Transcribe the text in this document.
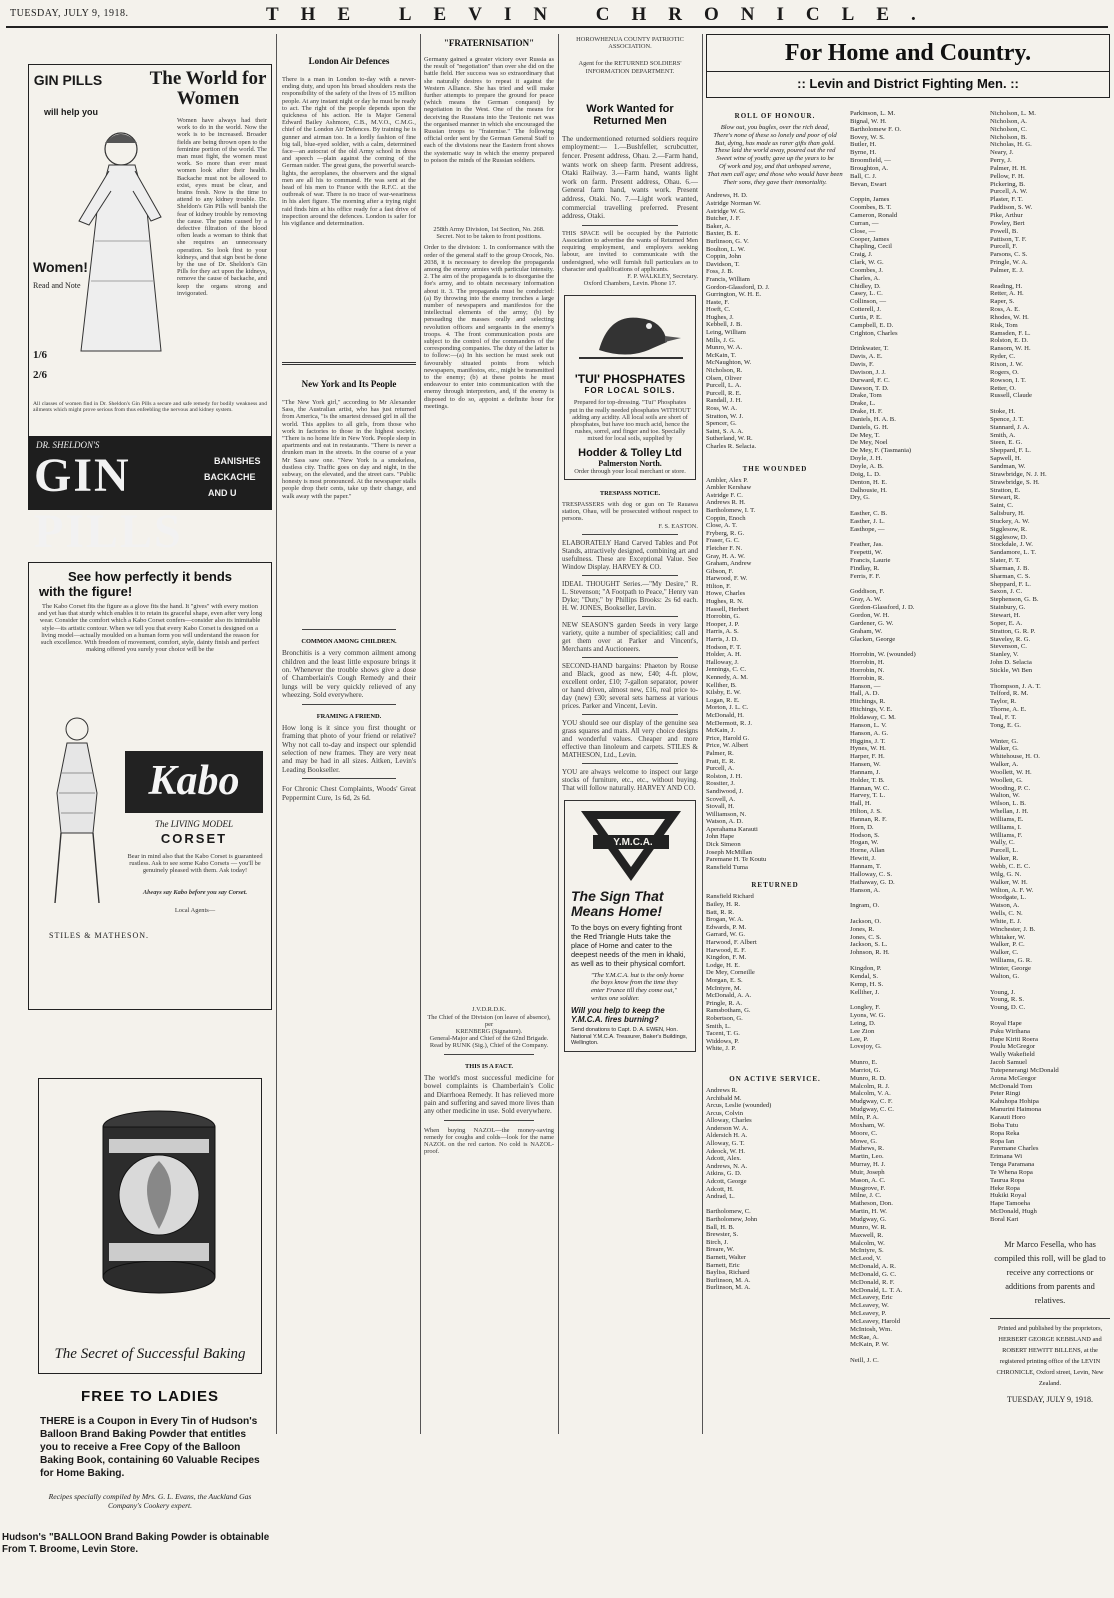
TUESDAY, JULY 9, 1918.	THE LEVIN CHRONICLE.
GIN PILLS
will help you
The World for Women
Women!
Read and Note
1/6
2/6
Women have always had their work to do in the world. Now the work is to be increased. Broader fields are being thrown open to the feminine portion of the world. The man must fight, the women must work. So more than ever must women look after their health. Backache must not be allowed to exist, eyes must be clear, and brains fresh. Now is the time to attend to any kidney trouble. Dr. Sheldon's Gin Pills will banish the fear of kidney trouble by removing the cause. The pains caused by a defective filtration of the blood often leads a woman to think that she requires an unnecessary operation. So look first to your kidneys, and that sign best be done by the use of Dr. Sheldon's Gin Pills for they act upon the kidneys, remove the cause of backache, and keep the organs strong and invigorated.
All classes of women find in Dr. Sheldon's Gin Pills a secure and safe remedy for bodily weakness and ailments which might prove serious from thus enfeebling the nervous and kidney system.
DR. SHELDON'S
GIN PILLS
BANISHES
BACKACHE
AND U
See how perfectly it bends
with the figure!
The Kabo Corset fits the figure as a glove fits the hand. It "gives" with every motion and yet has that sturdy which enables it to retain its graceful shape, even after very long wear. Consider the comfort which a Kabo Corset confers—consider also its inimitable style—its artistic contour. When we tell you that every Kabo Corset is designed on a living model—actually moulded on a human form you will understand the reason for such excellence. With freedom of movement, comfort, style, dainty finish and perfect making offered you surely your choice will be the
Kabo
The LIVING MODEL
CORSET
Bear in mind also that the Kabo Corset is guaranteed rustless. Ask to see some Kabo Corsets — you'll be genuinely pleased with them. Ask today!
Always say Kabo before you say Corset.
Local Agents—
STILES & MATHESON.
The Secret of Successful Baking
FREE TO LADIES
THERE is a Coupon in Every Tin of Hudson's Balloon Brand Baking Powder that entitles you to receive a Free Copy of the Balloon Baking Book, containing 60 Valuable Recipes for Home Baking.
Recipes specially compiled by Mrs. G. L. Evans, the Auckland Gas Company's Cookery expert.
Hudson's "BALLOON Brand Baking Powder is obtainable From T. Broome, Levin Store.
London Air Defences
There is a man in London to-day with a never-ending duty, and upon his broad shoulders rests the responsibility of the safety of the lives of 15 million people. At any instant night or day he must be ready to act. The right of the people depends upon the quickness of his action. He is Major General Edward Bailey Ashmore, C.B., M.V.O., C.M.G., chief of the London Air Defences. By training he is gunner and airman too. In a lordly fashion of fine big tall, blue-eyed soldier, with a calm, determined face—an autocrat of the old Army school in dress and speech —plain against the coming of the German raider. The great guns, the powerful search-lights, the aeroplanes, the observers and the signal men are all his to command. He was sent at the head of his men to France with the R.F.C. at the outbreak of war. There is no trace of war-weariness in his alert figure. The morning after a trying night raid finds him at his office ready for a fast drive of inspection around the defences. London is safer for his vigilance and determination.
New York and Its People
"The New York girl," according to Mr Alexander Sass, the Australian artist, who has just returned from America, "is the smartest dressed girl in all the world. This applies to all girls, from those who work in factories to those in the highest society. "There is no home life in New York. People sleep in apartments and eat in restaurants. "There is never a drunken man in the streets. In the course of a year Mr Sass saw one. "New York is a smokeless, dustless city. Traffic goes on day and night, in the subway, on the elevated, and the street cars. "Public honesty is most pronounced. At the newspaper stalls people drop their cents, take up their change, and walk away with the paper."
COMMON AMONG CHILDREN.
Bronchitis is a very common ailment among children and the least little exposure brings it on. Whenever the trouble shows give a dose of Chamberlain's Cough Remedy and their lungs will be very quickly relieved of any wheezing. Sold everywhere.
FRAMING A FRIEND.
How long is it since you first thought or framing that photo of your friend or relative? Why not call to-day and inspect our splendid selection of new frames. They are very neat and may be had in all sizes. Aitken, Levin's Leading Bookseller.
For Chronic Chest Complaints, Woods' Great Peppermint Cure, 1s 6d, 2s 6d.
"FRATERNISATION"
Germany gained a greater victory over Russia as the result of "negotiation" than over she did on the battle field. Her success was so extraordinary that she naturally desires to repeat it against the Western Alliance. She has tried and will make further attempts to prepare the ground for peace (which means the German conquest) by negotiation in the West. One of the means for deceiving the Russians into the Teutonic net was the organised manner in which she encouraged the Russian troops to "fraternise." The following official order sent by the German General Staff to each of the divisions near the Eastern front shows the systematic way in which the enemy prepared to poison the minds of the Russian soldiers.
258th Army Division, 1st Section, No. 268.
Secret. Not to be taken to front positions.
Order to the division: 1. In conformance with the order of the general staff to the group Orocek, No. 2038, it is necessary to develop the propaganda among the enemy armies with particular intensity. 2. The aim of the propaganda is to disorganise the foe's army, and to obtain necessary information about it. 3. The propaganda must be conducted: (a) By throwing into the enemy trenches a large number of newspapers and manifestos for the intellectual elements of the army; (b) by persuading the masses orally and selecting revolution officers and sergeants in the enemy's troops. 4. The front communication posts are subject to the control of the commanders of the corresponding companies. The duty of the latter is to follow:—(a) In his section he must seek out favourably situated points from which newspapers, manifestos, etc., might be transmitted to the enemy; (b) at these points he must endeavour to enter into communication with the enemy through interpreters, and, if the enemy is disposed to do so, appoint a definite hour for meetings.
J.V.D.R.D.K.
The Chief of the Division (on leave of absence), per
KRENBERG (Signature).
General-Major and Chief of the 62nd Brigade.
Read by RUNK (Sig.), Chief of the Company.
THIS IS A FACT.
The world's most successful medicine for bowel complaints is Chamberlain's Colic and Diarrhoea Remedy. It has relieved more pain and suffering and saved more lives than any other medicine in use. Sold everywhere.
When buying NAZOL—the money-saving remedy for coughs and colds—look for the name NAZOL on the red carton. No cold is NAZOL-proof.
HOROWHENUA COUNTY PATRIOTIC ASSOCIATION.
Agent for the RETURNED SOLDIERS' INFORMATION DEPARTMENT.
Work Wanted for
Returned Men
The undermentioned returned soldiers require employment:— 1.—Bushfeller, scrubcutter, fencer. Present address, Ohau. 2.—Farm hand, wants work on sheep farm. Present address, Otaki Railway. 3.—Farm hand, wants light work on farm. Present address, Ohau. 6.—General farm hand, wants work. Present address, Otaki. No. 7.—Light work wanted, commercial travelling preferred. Present address, Otaki.
THIS SPACE will be occupied by the Patriotic Association to advertise the wants of Returned Men requiring employment, and employers seeking labour, are invited to communicate with the undersigned, who will furnish full particulars as to character and qualifications of applicants.
F. P. WALKLEY, Secretary.
Oxford Chambers, Levin. Phone 17.
'TUI' PHOSPHATES
FOR LOCAL SOILS.
Prepared for top-dressing. "Tui" Phosphates put in the really needed phosphates WITHOUT adding any acidity. All local soils are short of phosphates, but have too much acid, hence the rushes, sorrel, and finger and toe. Specially mixed for local soils, supplied by
Hodder & Tolley Ltd
Palmerston North.
Order through your local merchant or store.
TRESPASS NOTICE.
TRESPASSERS with dog or gun on Te Rauawa station, Ohau, will be prosecuted without respect to persons.
F. S. EASTON.
ELABORATELY Hand Carved Tables and Pot Stands, attractively designed, combining art and usefulness. These are Exceptional Value. See Window Display. HARVEY & CO.
IDEAL THOUGHT Series.—"My Desire," R. L. Stevenson; "A Footpath to Peace," Henry van Dyke; "Duty," by Phillips Brooks: 2s 6d each. H. W. JONES, Bookseller, Levin.
NEW SEASON'S garden Seeds in very large variety, quite a number of specialities; call and get them over at Parker and Vincent's, Merchants and Auctioneers.
SECOND-HAND bargains: Phaeton by Rouse and Black, good as new, £40; 4-ft. plow, excellent order, £10; 7-gallon separator, power or hand driven, almost new, £16, real price to-day (new) £30; several sets harness at various prices. Parker and Vincent, Levin.
YOU should see our display of the genuine sea grass squares and mats. All very choice designs and wonderful values. Cheaper and more effective than linoleum and carpets. STILES & MATHESON, Ltd., Levin.
YOU are always welcome to inspect our large stocks of furniture, etc., etc., without buying. That will follow naturally. HARVEY AND CO.
Y.M.C.A.
The Sign That
Means Home!
To the boys on every fighting front the Red Triangle Huts take the place of Home and cater to the deepest needs of the men in khaki, as well as to their physical comfort.
"The Y.M.C.A. hut is the only home the boys know from the time they enter France till they come out," writes one soldier.
Will you help to keep the Y.M.C.A. fires burning?
Send donations to Capt. D. A. EWEN, Hon. National Y.M.C.A. Treasurer, Baker's Buildings, Wellington.
For Home and Country.
:: Levin and District Fighting Men. ::
ROLL OF HONOUR.
Blow out, you bugles, over the rich dead,
There's none of these so lonely and poor of old
But, dying, has made us rarer gifts than gold.
These laid the world away, poured out the red
Sweet wine of youth; gave up the years to be
Of work and joy, and that unhoped serene,
That men call age; and those who would have been
Their sons, they gave their immortality.
Andrews, H. D.
Astridge Norman W.
Astridge W. G.
Butcher, J. F.
Baker, A.
Baxter, B. E.
Burlinson, G. V.
Boulton, L. W.
Coppin, John
Davidson, T.
Foss, J. B.
Francis, William
Gordon-Glassford, D. J.
Gurrington, W. H. E.
Haste, F.
Hoeft, C.
Hughes, J.
Kebbell, J. B.
Leing, William
Mills, J. G.
Munro, W. A.
McKain, T.
McNaughton, W.
Nicholson, R.
Olsen, Oliver
Purcell, L. A.
Purcell, R. E.
Randall, J. H.
Ross, W. A.
Stratton, W. J.
Spencer, G.
Saint, S. A. A.
Sutherland, W. R.
Charles R. Selacia.
THE WOUNDED
Ambler, Alex P.
Ambler Kershaw
Astridge F. C.
Andrews R. H.
Bartholomew, I. T.
Coppin, Enoch
Close, A. T.
Fryberg, R. G.
Fraser, G. C.
Fletcher F. N.
Gray, H. A. W.
Graham, Andrew
Gibson, F.
Harwood, F. W.
Hilton, F.
Howe, Charles
Hughes, R. N.
Hassell, Herbert
Horrobin, G.
Hooper, J. P.
Harris, A. S.
Harris, J. D.
Hodson, F. T.
Holder, A. H.
Halloway, J.
Jennings, C. C.
Kennedy, A. M.
Kelliher, B.
Kilsby, E. W.
Logan, R. E.
Morton, J. L. C.
McDonald, H.
McDermott, R. J.
McKain, J.
Price, Harold G.
Price, W. Albert
Palmer, R.
Pratt, E. R.
Purcell, A.
Rolston, J. H.
Rossiter, J.
Sandiwood, J.
Scovell, A.
Stovall, H.
Williamson, N.
Watson, A. D.
Aperahama Karauti
John Hape
Dick Simeon
Joseph McMillan
Paremane H. Te Koutu
Ransfield Tuma
RETURNED
Ransfield Richard
Bailey, H. R.
Batt, R. R.
Brogan, W. A.
Edwards, P. M.
Garrard, W. G.
Harwood, F. Albert
Harwood, E. F.
Kingdon, F. M.
Lodge, H. E.
De Mey, Corneille
Morgan, E. S.
McIntyre, M.
McDonald, A. A.
Pringle, R. A.
Ramsbotham, G.
Robertson, G.
Smith, L.
Tacent, T. G.
Widdows, P.
White, J. P.
ON ACTIVE SERVICE.
Andrews R.
Archibald M.
Arcus, Leslie (wounded)
Arcus, Colvin
Alloway, Charles
Anderson W. A.
Aldersich H. A.
Alloway, G. T.
Adeock, W. H.
Adcott, Alex.
Andrews, N. A.
Atkins, G. D.
Adcott, George
Adcott, H.
Andrad, L.

Bartholomew, C.
Bartholomew, John
Ball, H. B.
Brewster, S.
Birch, J.
Breare, W.
Barnett, Walter
Barnett, Eric
Bayliss, Richard
Burlinson, M. A.
Burlinson, M. A.
Parkinson, L. M.
Bignal, W. H.
Bartholomew F. O.
Bovey, W. S.
Butler, H.
Byrne, H.
Broomfield, —
Broughton, A.
Ball, C. J.
Bevan, Ewart

Coppin, James
Coombes, B. T.
Cameron, Ronald
Curran, —
Close, —
Cooper, James
Chapling, Cecil
Craig, J.
Clark, W. G.
Coombes, J.
Charles, A.
Chidley, D.
Casey, L. C.
Collinson, —
Cotterell, J.
Curtis, P. E.
Campbell, E. D.
Crighton, Charles

Drinkwater, T.
Davis, A. E.
Davis, F.
Davison, J. J.
Durward, F. C.
Dawson, T. D.
Drake, Tom
Drake, L.
Drake, H. F.
Daniels, H. A. B.
Daniels, G. H.
De Mey, T.
De Mey, Noel
De Mey, F. (Tasmania)
Doyle, J. H.
Doyle, A. B.
Doig, L. D.
Denton, H. E.
Dalhousie, H.
Dry, G.

Easther, C. B.
Easther, J. L.
Easthope, —

Feather, Jas.
Feepetti, W.
Francis, Laurie
Findlay, R.
Ferris, F. F.

Goddison, F.
Gray, A. W.
Gordon-Glassford, J. D.
Gordon, W. H.
Gardener, G. W.
Graham, W.
Glacken, George

Horrobin, W. (wounded)
Horrobin, H.
Horrobin, N.
Horrobin, R.
Hanson, —
Hall, A. D.
Hitchings, R.
Hitchings, V. E.
Holdaway, C. M.
Hanson, L. V.
Hanson, A. G.
Higgins, J. T.
Hynes, W. H.
Harper, F. H.
Hansen, W.
Hannam, J.
Holder, T. B.
Hannan, W. C.
Harvey, T. L.
Hall, H.
Hilton, J. S.
Hannan, R. F.
Horn, D.
Hodson, S.
Hogan, W.
Horne, Allan
Hewitt, J.
Hannam, T.
Halloway, C. S.
Hathaway, G. D.
Hanson, A.

Ingram, O.

Jackson, O.
Jones, R.
Jones, C. S.
Jackson, S. L.
Johnson, R. H.

Kingdon, P.
Kendal, S.
Kemp, H. S.
Kelliher, J.

Longley, F.
Lyons, W. G.
Leing, D.
Lee Zion
Lee, P.
Lovejoy, G.

Munro, E.
Marriot, G.
Munro, R. D.
Malcolm, R. J.
Malcolm, V. A.
Mudgway, C. F.
Mudgway, C. C.
Miln, P. A.
Moxham, W.
Moore, C.
Mowe, G.
Mathews, R.
Martin, Leo.
Murray, H. J.
Muir, Joseph
Mason, A. C.
Musgrove, F.
Milne, J. C.
Matheson, Don.
Martin, H. W.
Mudgway, G.
Munro, W. R.
Maxwell, R.
Malcolm, W.
McIntyre, S.
McLeod, V.
McDonald, A. R.
McDonald, G. C.
McDonald, R. F.
McDonald, L. T. A.
McLeavey, Eric
McLeavey, W.
McLeavey, P.
McLeavey, Harold
McIntosh, Wm.
McRae, A.
McKain, P. W.

Neill, J. C.
Nicholson, L. M.
Nicholson, A.
Nicholson, C.
Nicholson, B.
Nicholas, H. G.
Neary, J.
Perry, J.
Palmer, H. H.
Pellow, F. H.
Pickering, B.
Purcell, A. W.
Plaster, F. T.
Paddison, S. W.
Pike, Arthur
Powley, Bert
Powell, B.
Pattison, T. F.
Purcell, F.
Parsons, C. S.
Pringle, W. A.
Palmer, E. J.

Reading, H.
Retter, A. H.
Raper, S.
Ross, A. E.
Rhodes, W. H.
Risk, Tom
Ramsden, F. L.
Rolston, E. D.
Ransom, W. H.
Ryder, C.
Rixon, J. W.
Rogers, O.
Rowson, I. T.
Retter, O.
Russell, Claude

Stoke, H.
Spence, J. T.
Stannard, J. A.
Smith, A.
Steen, E. G.
Sheppard, F. L.
Sapwell, H.
Sandman, W.
Strawbridge, N. J. H.
Strawbridge, S. H.
Stratton, E.
Stewart, R.
Saint, C.
Salisbury, H.
Stuckey, A. W.
Sigglesow, R.
Sigglesow, D.
Stockdale, J. W.
Sandamore, L. T.
Slater, F. T.
Sharman, J. B.
Sharman, C. S.
Sheppard, F. L.
Saxon, J. C.
Stephenson, G. B.
Stainbury, G.
Stewart, H.
Soper, E. A.
Stratton, G. R. P.
Staveley, R. G.
Stevenson, C.
Stanley, V.
John D. Selacia
Stickle, Wi Ben

Thompson, J. A. T.
Telford, R. M.
Taylor, R.
Thorne, A. E.
Teal, F. T.
Tong, E. G.

Winter, G.
Walker, G.
Whitehouse, H. O.
Walker, A.
Woollett, W. H.
Woollett, G.
Wooding, P. C.
Walton, W.
Wilson, L. B.
Whellan, J. H.
Williams, E.
Williams, I.
Williams, F.
Wally, C.
Purcell, L.
Walker, R.
Webb, C. E. C.
Wilg, G. N.
Walker, W. H.
Wilton, A. F. W.
Woodgate, L.
Watson, A.
Wells, C. N.
White, E. J.
Winchester, J. B.
Whitaker, W.
Walker, P. C.
Walker, C.
Williams, G. R.
Winter, George
Walton, G.

Young, J.
Young, R. S.
Young, D. C.

Royal Hape
Puku Wirihana
Hape Kiriti Roera
Poulu McGregor
Wally Wakefield
Jacob Samuel
Tutepenerangi McDonald
Arona McGregor
McDonald Tom
Peter Ringi
Kahuhopa Hohipa
Manurini Haimona
Karauti Horo
Boba Tutu
Ropa Reka
Ropa Ian
Paremane Charles
Erimana Wi
Tenga Paramana
Te Whena Ropa
Taurua Ropa
Heke Ropa
Hukiki Royal
Hape Tamoeha
McDonald, Hugh
Boral Kari
Mr Marco Fesella, who has compiled this roll, will be glad to receive any corrections or additions from parents and relatives.
Printed and published by the proprietors, HERBERT GEORGE KEBBLAND and ROBERT HEWITT BILLENS, at the registered printing office of the LEVIN CHRONICLE, Oxford street, Levin, New Zealand.
TUESDAY, JULY 9, 1918.
